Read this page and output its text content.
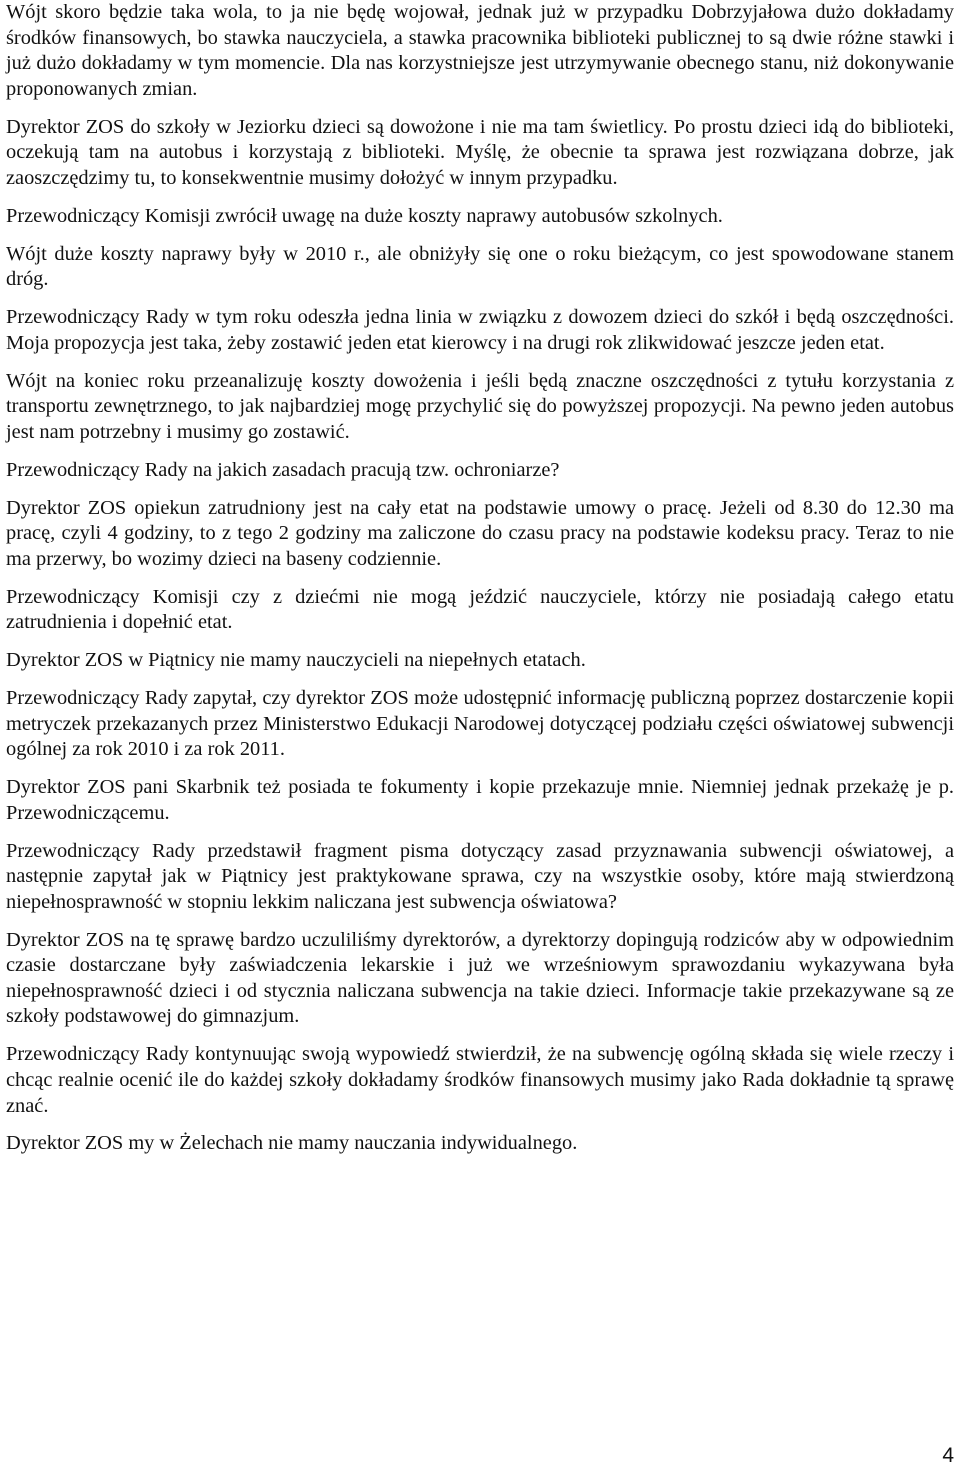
Wójt skoro będzie taka wola, to ja nie będę wojował, jednak już w przypadku Dobrzyjałowa dużo dokładamy środków finansowych, bo stawka nauczyciela, a stawka pracownika biblioteki publicznej to są dwie różne stawki i już dużo dokładamy w tym momencie. Dla nas korzystniejsze jest utrzymywanie obecnego stanu, niż dokonywanie proponowanych zmian.

Dyrektor ZOS do szkoły w Jeziorku dzieci są dowożone i nie ma tam świetlicy. Po prostu dzieci idą do biblioteki, oczekują tam na autobus i korzystają z biblioteki. Myślę, że obecnie ta sprawa jest rozwiązana dobrze, jak zaoszczędzimy tu, to konsekwentnie musimy dołożyć w innym przypadku.

Przewodniczący Komisji zwrócił uwagę na duże koszty naprawy autobusów szkolnych.

Wójt duże koszty naprawy były w 2010 r., ale obniżyły się one o roku bieżącym, co jest spowodowane stanem dróg.

Przewodniczący Rady w tym roku odeszła jedna linia w związku z dowozem dzieci do szkół i będą oszczędności. Moja propozycja jest taka, żeby zostawić jeden etat kierowcy i na drugi rok zlikwidować jeszcze jeden etat.

Wójt na koniec roku przeanalizuję koszty dowożenia i jeśli będą znaczne oszczędności z tytułu korzystania z transportu zewnętrznego, to jak najbardziej mogę przychylić się do powyższej propozycji. Na pewno jeden autobus jest nam potrzebny i musimy go zostawić.

Przewodniczący Rady na jakich zasadach pracują tzw. ochroniarze?

Dyrektor ZOS opiekun zatrudniony jest na cały etat na podstawie umowy o pracę. Jeżeli od 8.30 do 12.30 ma pracę, czyli 4 godziny, to z tego 2 godziny ma zaliczone do czasu pracy na podstawie kodeksu pracy. Teraz to nie ma przerwy, bo wozimy dzieci na baseny codziennie.

Przewodniczący Komisji czy z dziećmi nie mogą jeździć nauczyciele, którzy nie posiadają całego etatu zatrudnienia i dopełnić etat.

Dyrektor ZOS w Piątnicy nie mamy nauczycieli na niepełnych etatach.

Przewodniczący Rady zapytał, czy dyrektor ZOS może udostępnić informację publiczną poprzez dostarczenie kopii metryczek przekazanych przez Ministerstwo Edukacji Narodowej dotyczącej podziału części oświatowej subwencji ogólnej za rok 2010 i za rok 2011.

Dyrektor ZOS pani Skarbnik też posiada te fokumenty i kopie przekazuje mnie. Niemniej jednak przekażę je p. Przewodniczącemu.

Przewodniczący Rady przedstawił fragment pisma dotyczący zasad przyznawania subwencji oświatowej, a następnie zapytał jak w Piątnicy jest praktykowane sprawa, czy na wszystkie osoby, które mają stwierdzoną niepełnosprawność w stopniu lekkim naliczana jest subwencja oświatowa?

Dyrektor ZOS na tę sprawę bardzo uczuliliśmy dyrektorów, a dyrektorzy dopingują rodziców aby w odpowiednim czasie dostarczane były zaświadczenia lekarskie i już we wrześniowym sprawozdaniu wykazywana była niepełnosprawność dzieci i od stycznia naliczana subwencja na takie dzieci. Informacje takie przekazywane są ze szkoły podstawowej do gimnazjum.

Przewodniczący Rady kontynuując swoją wypowiedź stwierdził, że na subwencję ogólną składa się wiele rzeczy i chcąc realnie ocenić ile do każdej szkoły dokładamy środków finansowych musimy jako Rada dokładnie tą sprawę znać.

Dyrektor ZOS my w Żelechach nie mamy nauczania indywidualnego.

4
